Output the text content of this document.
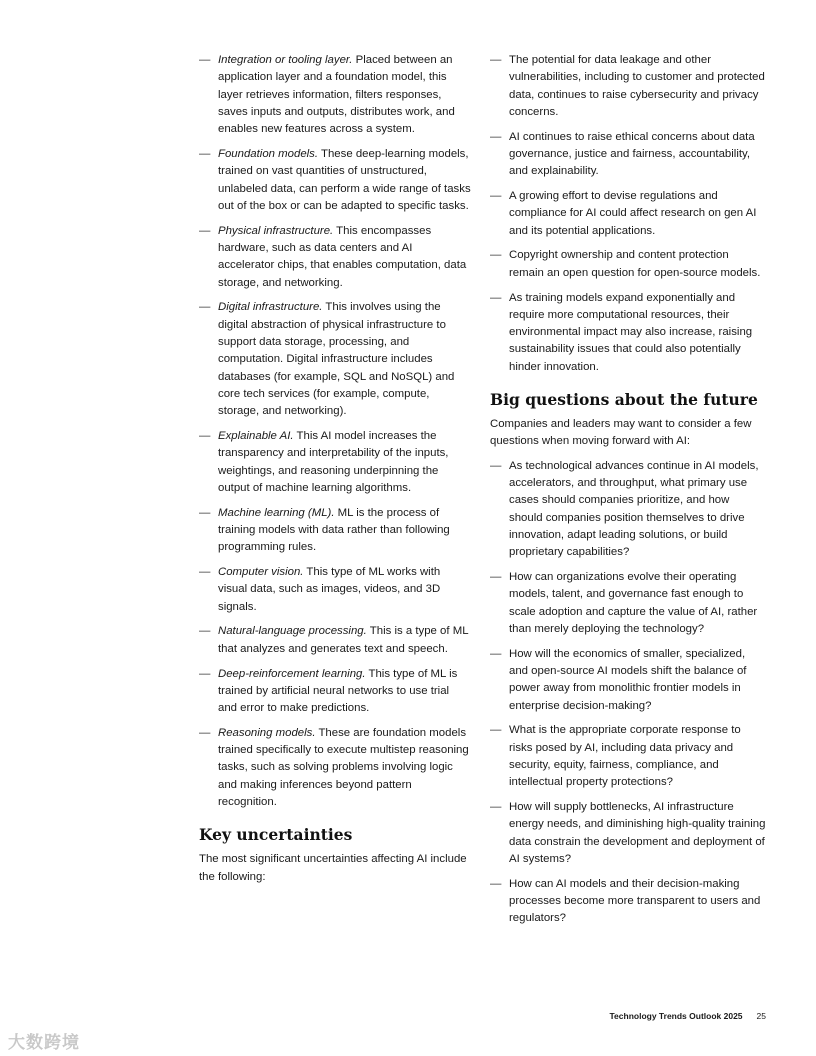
— Integration or tooling layer. Placed between an application layer and a foundation model, this layer retrieves information, filters responses, saves inputs and outputs, distributes work, and enables new features across a system.
— Foundation models. These deep-learning models, trained on vast quantities of unstructured, unlabeled data, can perform a wide range of tasks out of the box or can be adapted to specific tasks.
— Physical infrastructure. This encompasses hardware, such as data centers and AI accelerator chips, that enables computation, data storage, and networking.
— Digital infrastructure. This involves using the digital abstraction of physical infrastructure to support data storage, processing, and computation. Digital infrastructure includes databases (for example, SQL and NoSQL) and core tech services (for example, compute, storage, and networking).
— Explainable AI. This AI model increases the transparency and interpretability of the inputs, weightings, and reasoning underpinning the output of machine learning algorithms.
— Machine learning (ML). ML is the process of training models with data rather than following programming rules.
— Computer vision. This type of ML works with visual data, such as images, videos, and 3D signals.
— Natural-language processing. This is a type of ML that analyzes and generates text and speech.
— Deep-reinforcement learning. This type of ML is trained by artificial neural networks to use trial and error to make predictions.
— Reasoning models. These are foundation models trained specifically to execute multistep reasoning tasks, such as solving problems involving logic and making inferences beyond pattern recognition.
Key uncertainties

The most significant uncertainties affecting AI include the following:

— The potential for data leakage and other vulnerabilities, including to customer and protected data, continues to raise cybersecurity and privacy concerns.
— AI continues to raise ethical concerns about data governance, justice and fairness, accountability, and explainability.
— A growing effort to devise regulations and compliance for AI could affect research on gen AI and its potential applications.
— Copyright ownership and content protection remain an open question for open-source models.
— As training models expand exponentially and require more computational resources, their environmental impact may also increase, raising sustainability issues that could also potentially hinder innovation.
Big questions about the future

Companies and leaders may want to consider a few questions when moving forward with AI:

— As technological advances continue in AI models, accelerators, and throughput, what primary use cases should companies prioritize, and how should companies position themselves to drive innovation, adapt leading solutions, or build proprietary capabilities?
— How can organizations evolve their operating models, talent, and governance fast enough to scale adoption and capture the value of AI, rather than merely deploying the technology?
— How will the economics of smaller, specialized, and open-source AI models shift the balance of power away from monolithic frontier models in enterprise decision-making?
— What is the appropriate corporate response to risks posed by AI, including data privacy and security, equity, fairness, compliance, and intellectual property protections?
— How will supply bottlenecks, AI infrastructure energy needs, and diminishing high-quality training data constrain the development and deployment of AI systems?
— How can AI models and their decision-making processes become more transparent to users and regulators?
Technology Trends Outlook 2025 25
大数跨境
